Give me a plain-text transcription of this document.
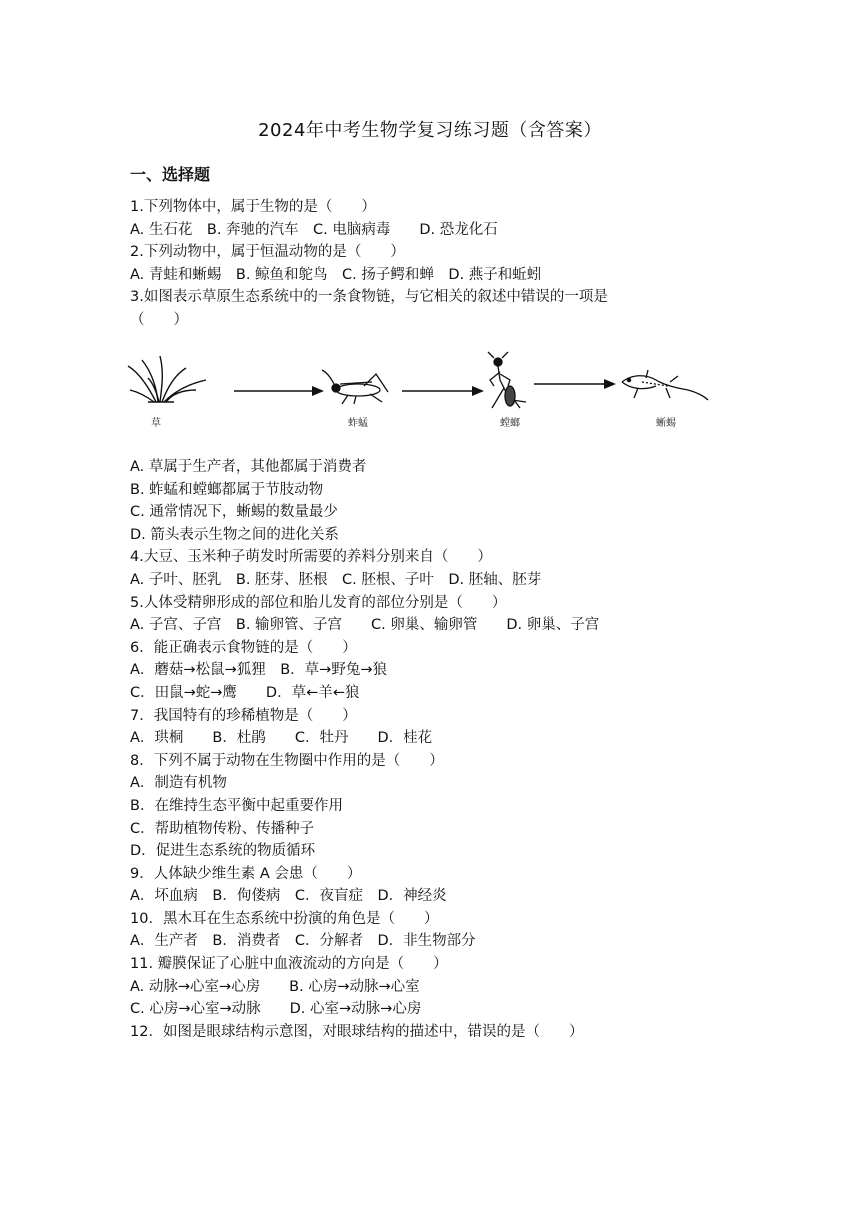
2024年中考生物学复习练习题（含答案）
一、选择题
1.下列物体中，属于生物的是（　　）
A. 生石花　B. 奔驰的汽车　C. 电脑病毒　　D. 恐龙化石
2.下列动物中，属于恒温动物的是（　　）
A. 青蛙和蜥蜴　B. 鲸鱼和鸵鸟　C. 扬子鳄和蝉　D. 燕子和蚯蚓
3.如图表示草原生态系统中的一条食物链，与它相关的叙述中错误的一项是
（　　）
草	蚱蜢	螳螂	蜥蜴
A. 草属于生产者，其他都属于消费者
B. 蚱蜢和螳螂都属于节肢动物
C. 通常情况下，蜥蜴的数量最少
D. 箭头表示生物之间的进化关系
4.大豆、玉米种子萌发时所需要的养料分别来自（　　）
A. 子叶、胚乳　B. 胚芽、胚根　C. 胚根、子叶　D. 胚轴、胚芽
5.人体受精卵形成的部位和胎儿发育的部位分别是（　　）
A. 子宫、子宫　B. 输卵管、子宫　　C. 卵巢、输卵管　　D. 卵巢、子宫
6．能正确表示食物链的是（　　）
A．蘑菇→松鼠→狐狸　B．草→野兔→狼
C．田鼠→蛇→鹰　　D．草←羊←狼
7．我国特有的珍稀植物是（　　）
A．珙桐　　B．杜鹃　　C．牡丹　　D．桂花
8．下列不属于动物在生物圈中作用的是（　　）
A．制造有机物
B．在维持生态平衡中起重要作用
C．帮助植物传粉、传播种子
D．促进生态系统的物质循环
9．人体缺少维生素 A 会患（　　）
A．坏血病　B．佝偻病　C．夜盲症　D．神经炎
10．黑木耳在生态系统中扮演的角色是（　　）
A．生产者　B．消费者　C．分解者　D．非生物部分
11. 瓣膜保证了心脏中血液流动的方向是（　　）
A. 动脉→心室→心房　　B. 心房→动脉→心室
C. 心房→心室→动脉　　D. 心室→动脉→心房
12．如图是眼球结构示意图，对眼球结构的描述中，错误的是（　　）
